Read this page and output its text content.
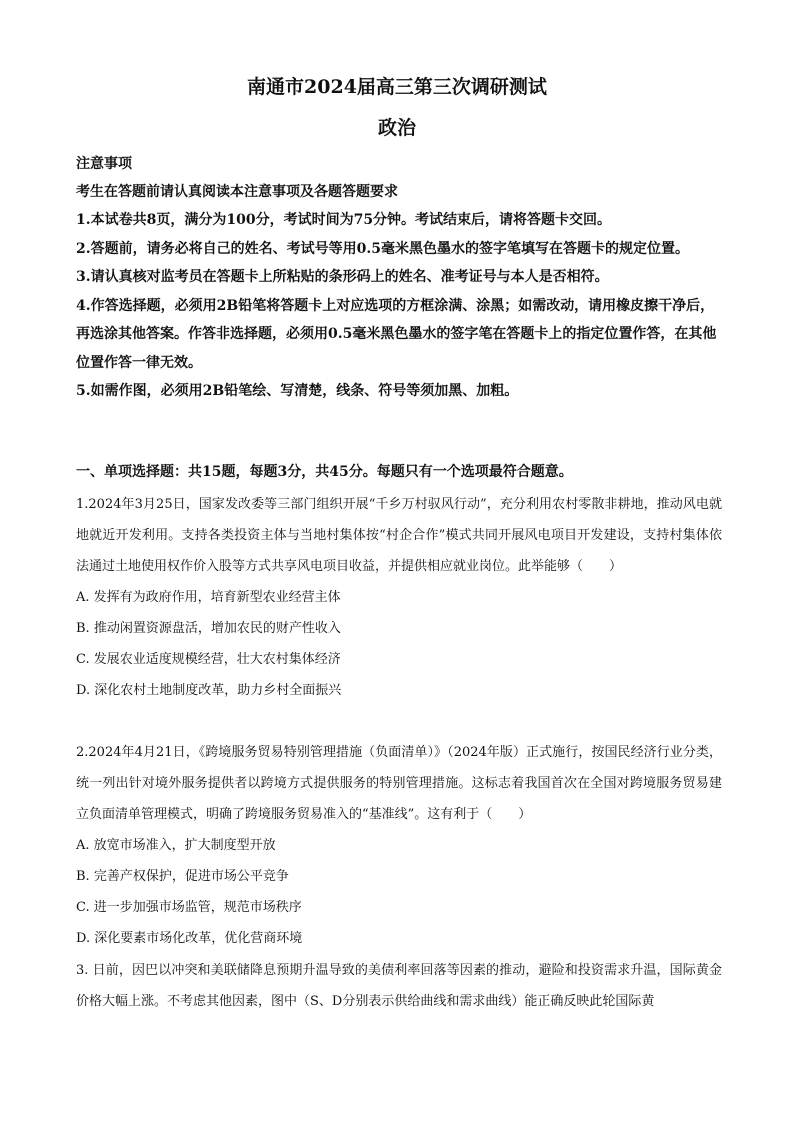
南通市2024届高三第三次调研测试
政治
注意事项
考生在答题前请认真阅读本注意事项及各题答题要求
1.本试卷共8页，满分为100分，考试时间为75分钟。考试结束后，请将答题卡交回。
2.答题前，请务必将自己的姓名、考试号等用0.5毫米黑色墨水的签字笔填写在答题卡的规定位置。
3.请认真核对监考员在答题卡上所粘贴的条形码上的姓名、准考证号与本人是否相符。
4.作答选择题，必须用2B铅笔将答题卡上对应选项的方框涂满、涂黑；如需改动，请用橡皮擦干净后，再选涂其他答案。作答非选择题，必须用0.5毫米黑色墨水的签字笔在答题卡上的指定位置作答，在其他位置作答一律无效。
5.如需作图，必须用2B铅笔绘、写清楚，线条、符号等须加黑、加粗。
一、单项选择题：共15题，每题3分，共45分。每题只有一个选项最符合题意。
1.2024年3月25日，国家发改委等三部门组织开展“千乡万村驭风行动”，充分利用农村零散非耕地，推动风电就地就近开发利用。支持各类投资主体与当地村集体按“村企合作”模式共同开展风电项目开发建设，支持村集体依法通过土地使用权作价入股等方式共享风电项目收益，并提供相应就业岗位。此举能够（　　）
A. 发挥有为政府作用，培育新型农业经营主体
B. 推动闲置资源盘活，增加农民的财产性收入
C. 发展农业适度规模经营，壮大农村集体经济
D. 深化农村土地制度改革，助力乡村全面振兴
2.2024年4月21日，《跨境服务贸易特别管理措施（负面清单）》（2024年版）正式施行，按国民经济行业分类，统一列出针对境外服务提供者以跨境方式提供服务的特别管理措施。这标志着我国首次在全国对跨境服务贸易建立负面清单管理模式，明确了跨境服务贸易准入的“基准线”。这有利于（　　）
A. 放宽市场准入，扩大制度型开放
B. 完善产权保护，促进市场公平竞争
C. 进一步加强市场监管，规范市场秩序
D. 深化要素市场化改革，优化营商环境
3. 日前，因巴以冲突和美联储降息预期升温导致的美债利率回落等因素的推动，避险和投资需求升温，国际黄金价格大幅上涨。不考虑其他因素，图中（S、D分别表示供给曲线和需求曲线）能正确反映此轮国际黄
